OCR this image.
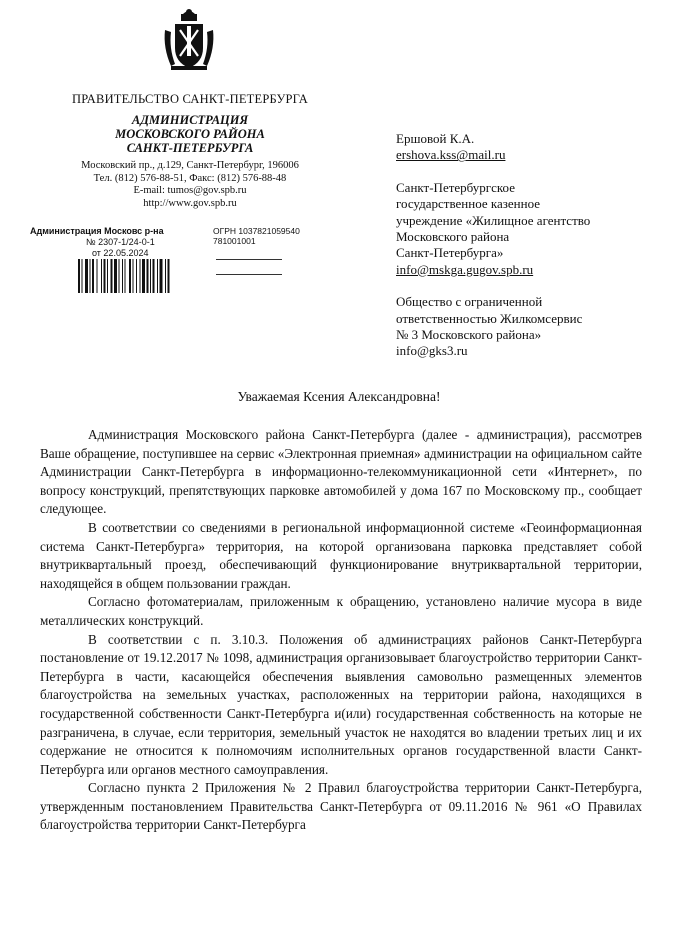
ПРАВИТЕЛЬСТВО САНКТ-ПЕТЕРБУРГА
АДМИНИСТРАЦИЯ
МОСКОВСКОГО РАЙОНА
САНКТ-ПЕТЕРБУРГА
Московский пр., д.129, Санкт-Петербург, 196006
Тел. (812) 576-88-51, Факс: (812) 576-88-48
E-mail: tumos@gov.spb.ru
http://www.gov.spb.ru
Администрация Московс р-на
№ 2307-1/24-0-1
от 22.05.2024
ОГРН 1037821059540
781001001
Ершовой К.А.
ershova.kss@mail.ru
Санкт-Петербургское
государственное казенное
учреждение «Жилищное агентство
Московского района
Санкт-Петербурга»
info@mskga.gugov.spb.ru
Обществo с ограниченной
ответственностью Жилкомсервис
№ 3 Московского района»
info@gks3.ru
Уважаемая Ксения Александровна!

Администрация Московского района Санкт-Петербурга (далее - администрация), рассмотрев Ваше обращение, поступившее на сервис «Электронная приемная» администрации на официальном сайте Администрации Санкт-Петербурга в информационно-телекоммуникационной сети «Интернет», по вопросу конструкций, препятствующих парковке автомобилей у дома 167 по Московскому пр., сообщает следующее.

В соответствии со сведениями в региональной информационной системе «Геоинформационная система Санкт-Петербурга» территория, на которой организована парковка представляет собой внутриквартальный проезд, обеспечивающий функционирование внутриквартальной территории, находящейся в общем пользовании граждан.

Согласно фотоматериалам, приложенным к обращению, установлено наличие мусора в виде металлических конструкций.

В соответствии с п. 3.10.3. Положения об администрациях районов Санкт-Петербурга постановление от 19.12.2017 № 1098, администрация организовывает благоустройство территории Санкт-Петербурга в части, касающейся обеспечения выявления самовольно размещенных элементов благоустройства на земельных участках, расположенных на территории района, находящихся в государственной собственности Санкт-Петербурга и(или) государственная собственность на которые не разграничена, в случае, если территория, земельный участок не находятся во владении третьих лиц и их содержание не относится к полномочиям исполнительных органов государственной власти Санкт-Петербурга или органов местного самоуправления.

Согласно пункта 2 Приложения № 2 Правил благоустройства территории Санкт-Петербурга, утвержденным постановлением Правительства Санкт-Петербурга от 09.11.2016 № 961 «О Правилах благоустройства территории Санкт-Петербурга
